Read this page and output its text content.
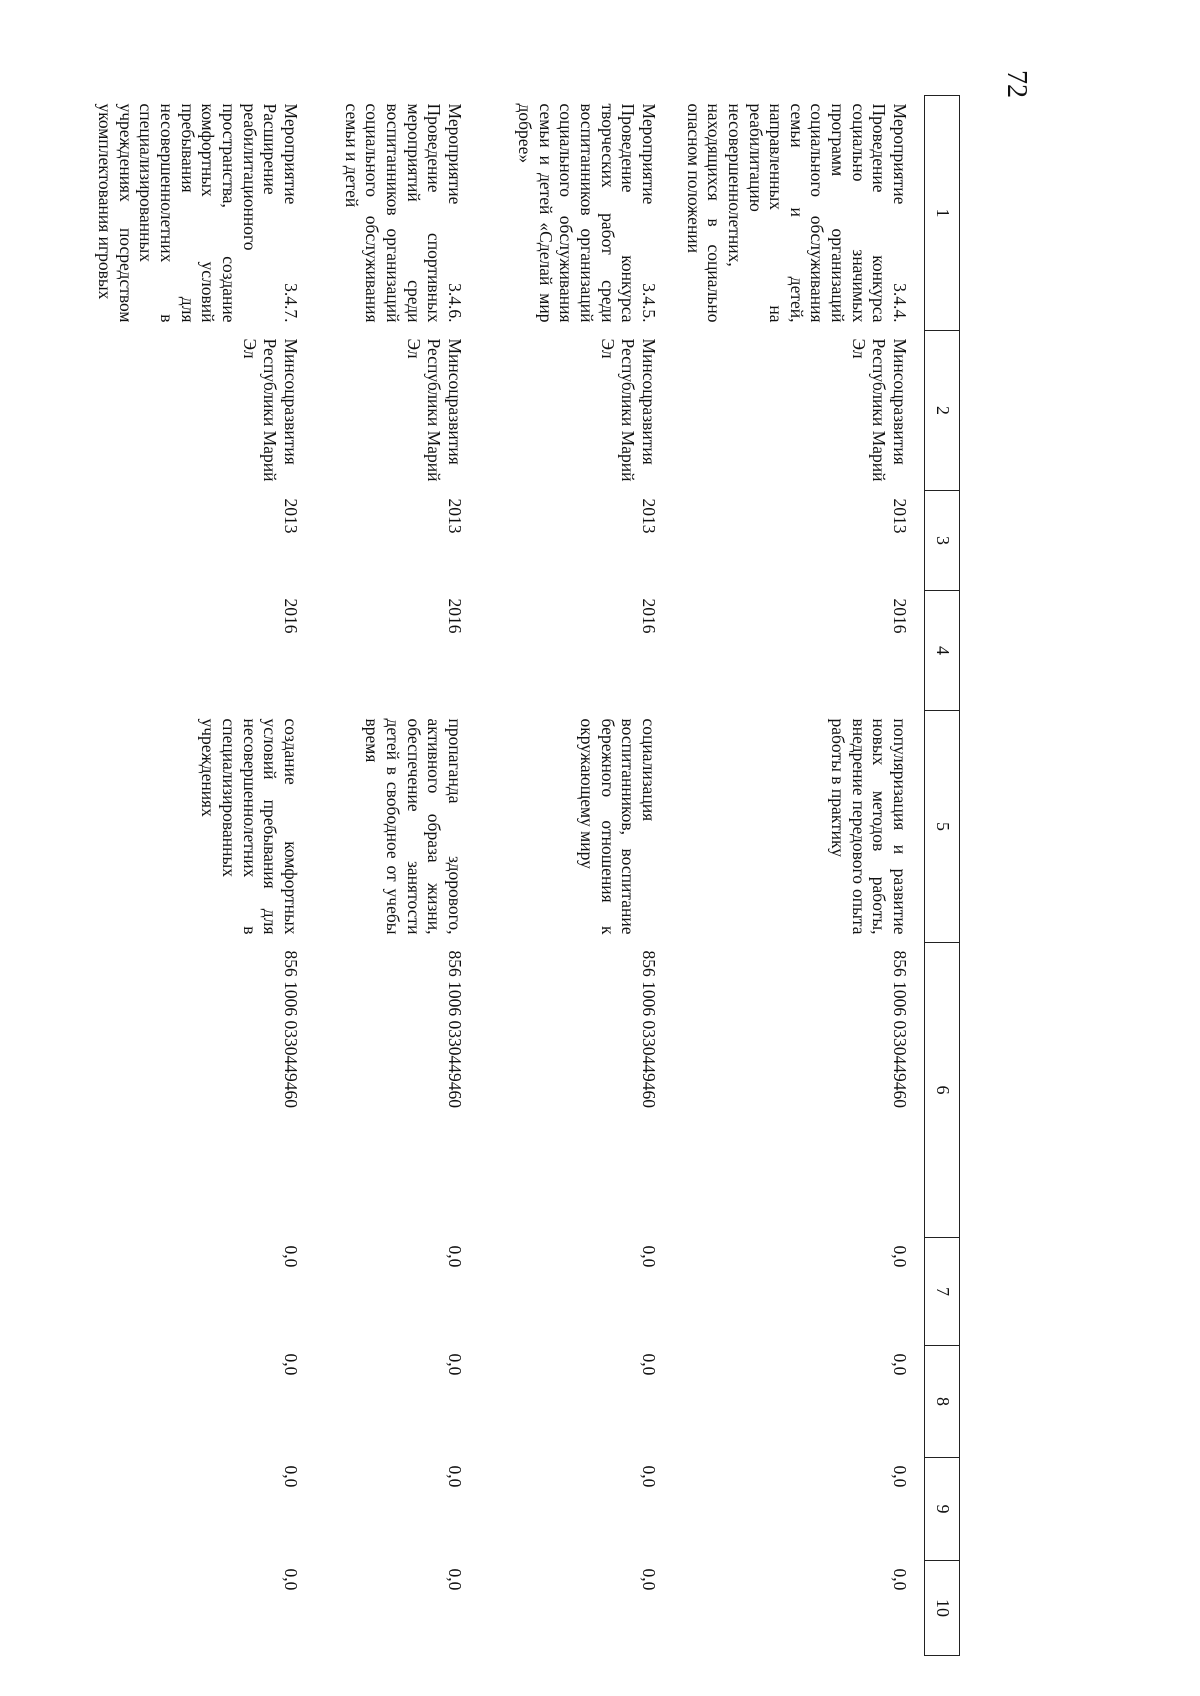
72
1	2	3	4	5	6	7	8	9	10
Мероприятие 3.4.4. Проведение конкурса социально значимых программ организаций социального обслуживания семьи и детей, направленных на реабилитацию несовершеннолетних, находящихся в социально опасном положении	Минсоцразвития Республики Марий Эл	2013	2016	популяризация и развитие новых методов работы, внедрение передового опыта работы в практику	856 1006 0330449460	0,0	0,0	0,0	0,0
Мероприятие 3.4.5. Проведение конкурса творческих работ среди воспитанников организаций социального обслуживания семьи и детей «Сделай мир добрее»	Минсоцразвития Республики Марий Эл	2013	2016	социализация воспитанников, воспитание бережного отношения к окружающему миру	856 1006 0330449460	0,0	0,0	0,0	0,0
Мероприятие 3.4.6. Проведение спортивных мероприятий среди воспитанников организаций социального обслуживания семьи и детей	Минсоцразвития Республики Марий Эл	2013	2016	пропаганда здорового, активного образа жизни, обеспечение занятости детей в свободное от учебы время	856 1006 0330449460	0,0	0,0	0,0	0,0
Мероприятие 3.4.7. Расширение реабилитационного пространства, создание комфортных условий пребывания для несовершеннолетних в специализированных учреждениях посредством укомплектования игровых	Минсоцразвития Республики Марий Эл	2013	2016	создание комфортных условий пребывания для несовершеннолетних в специализированных учреждениях	856 1006 0330449460	0,0	0,0	0,0	0,0
